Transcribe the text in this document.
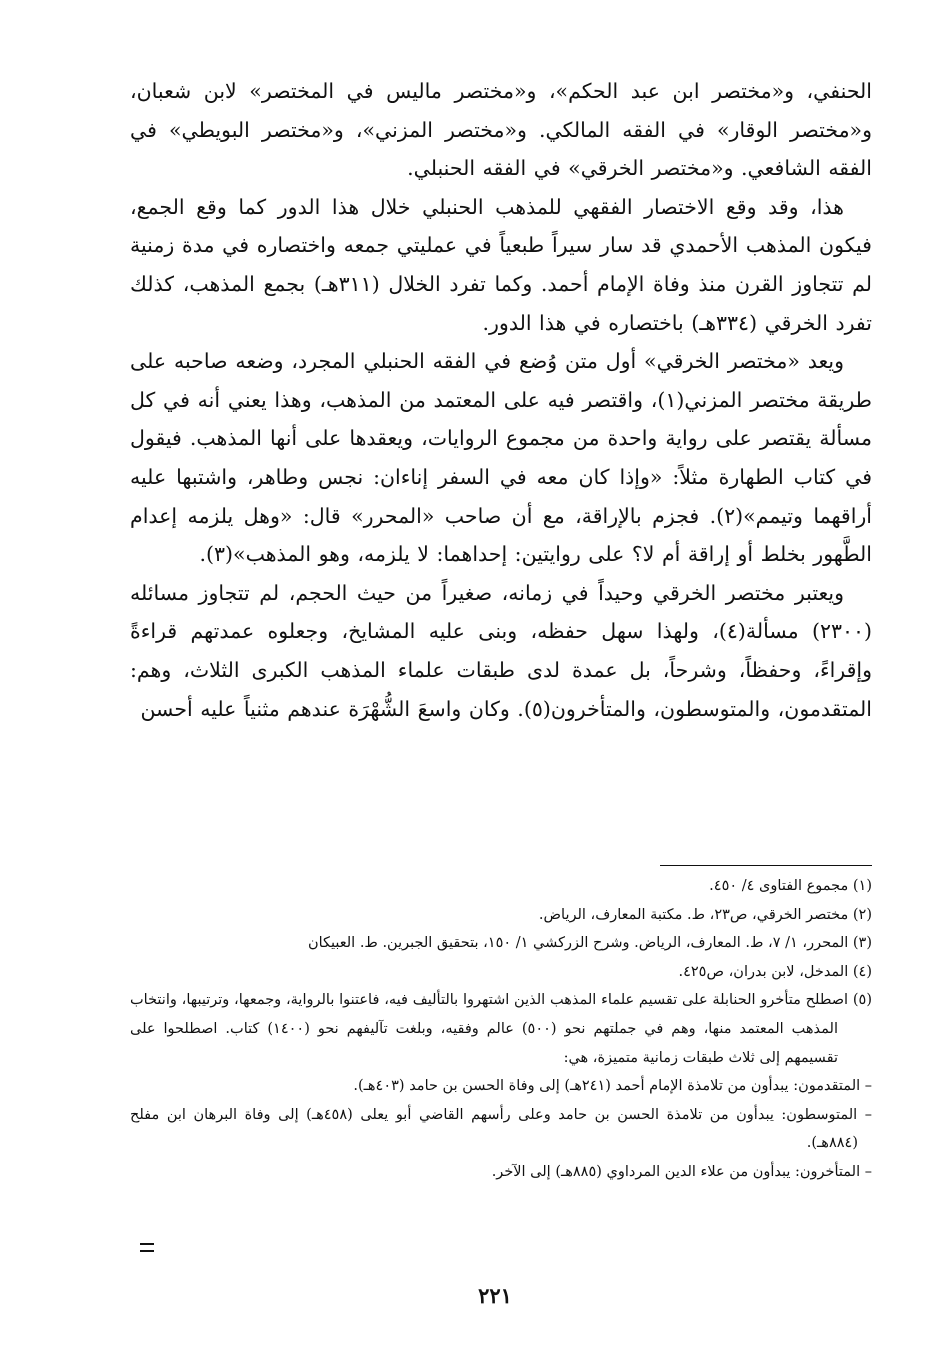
الحنفي، و«مختصر ابن عبد الحكم»، و«مختصر ماليس في المختصر» لابن شعبان، و«مختصر الوقار» في الفقه المالكي. و«مختصر المزني»، و«مختصر البويطي» في الفقه الشافعي. و«مختصر الخرقي» في الفقه الحنبلي.

هذا، وقد وقع الاختصار الفقهي للمذهب الحنبلي خلال هذا الدور كما وقع الجمع، فيكون المذهب الأحمدي قد سار سيراً طبعياً في عمليتي جمعه واختصاره في مدة زمنية لم تتجاوز القرن منذ وفاة الإمام أحمد. وكما تفرد الخلال (٣١١هـ) بجمع المذهب، كذلك تفرد الخرقي (٣٣٤هـ) باختصاره في هذا الدور.

ويعد «مختصر الخرقي» أول متن وُضع في الفقه الحنبلي المجرد، وضعه صاحبه على طريقة مختصر المزني(١)، واقتصر فيه على المعتمد من المذهب، وهذا يعني أنه في كل مسألة يقتصر على رواية واحدة من مجموع الروايات، ويعقدها على أنها المذهب. فيقول في كتاب الطهارة مثلاً: «وإذا كان معه في السفر إناءان: نجس وطاهر، واشتبها عليه أراقهما وتيمم»(٢). فجزم بالإراقة، مع أن صاحب «المحرر» قال: «وهل يلزمه إعدام الطَّهور بخلط أو إراقة أم لا؟ على روايتين: إحداهما: لا يلزمه، وهو المذهب»(٣).

ويعتبر مختصر الخرقي وحيداً في زمانه، صغيراً من حيث الحجم، لم تتجاوز مسائله (٢٣٠٠) مسألة(٤)، ولهذا سهل حفظه، وبنى عليه المشايخ، وجعلوه عمدتهم قراءةً وإقراءً، وحفظاً، وشرحاً، بل عمدة لدى طبقات علماء المذهب الكبرى الثلاث، وهم: المتقدمون، والمتوسطون، والمتأخرون(٥). وكان واسعَ الشُّهْرَة عندهم مثنياً عليه أحسن

(١) مجموع الفتاوى ٤/ ٤٥٠.

(٢) مختصر الخرقي، ص٢٣، ط. مكتبة المعارف، الرياض.

(٣) المحرر، ١/ ٧، ط. المعارف، الرياض. وشرح الزركشي ١/ ١٥٠، بتحقيق الجبرين. ط. العبيكان

(٤) المدخل، لابن بدران، ص٤٢٥.

(٥) اصطلح متأخرو الحنابلة على تقسيم علماء المذهب الذين اشتهروا بالتأليف فيه، فاعتنوا بالرواية، وجمعها، وترتيبها، وانتخاب المذهب المعتمد منها، وهم في جملتهم نحو (٥٠٠) عالم وفقيه، وبلغت تآليفهم نحو (١٤٠٠) كتاب. اصطلحوا على تقسيمهم إلى ثلاث طبقات زمانية متميزة، هي:

– المتقدمون: يبدأون من تلامذة الإمام أحمد (٢٤١هـ) إلى وفاة الحسن بن حامد (٤٠٣هـ).

– المتوسطون: يبدأون من تلامذة الحسن بن حامد وعلى رأسهم القاضي أبو يعلى (٤٥٨هـ) إلى وفاة البرهان ابن مفلح (٨٨٤هـ).

– المتأخرون: يبدأون من علاء الدين المرداوي (٨٨٥هـ) إلى الآخر.

٢٢١
